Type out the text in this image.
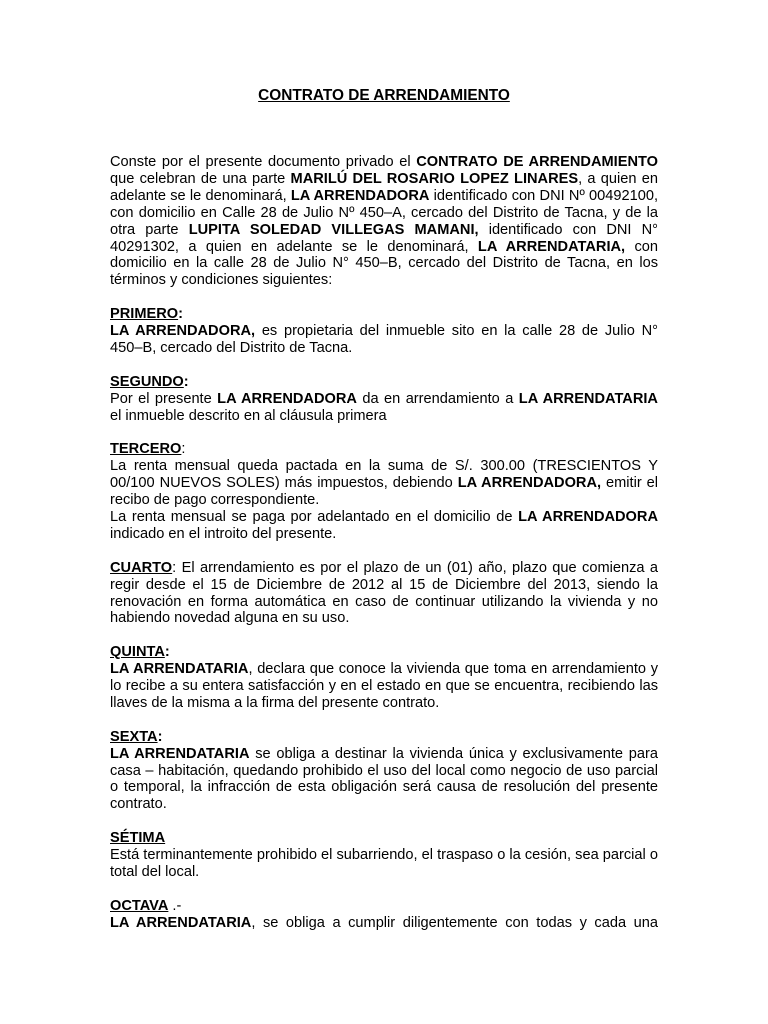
CONTRATO DE ARRENDAMIENTO

Conste por el presente documento privado el CONTRATO DE ARRENDAMIENTO que celebran de una parte MARILÚ DEL ROSARIO LOPEZ LINARES, a quien en adelante se le denominará, LA ARRENDADORA identificado con DNI Nº 00492100, con domicilio en Calle 28 de Julio Nº 450–A, cercado del Distrito de Tacna, y de la otra parte LUPITA SOLEDAD VILLEGAS MAMANI, identificado con DNI N° 40291302, a quien en adelante se le denominará, LA ARRENDATARIA, con domicilio en la calle 28 de Julio N° 450–B, cercado del Distrito de Tacna, en los términos y condiciones siguientes:

PRIMERO:

LA ARRENDADORA, es propietaria del inmueble sito en la calle 28 de Julio N° 450–B, cercado del Distrito de Tacna.

SEGUNDO:

Por el presente LA ARRENDADORA da en arrendamiento a LA ARRENDATARIA el inmueble descrito en al cláusula primera

TERCERO:

La renta mensual queda pactada en la suma de S/. 300.00 (TRESCIENTOS Y 00/100 NUEVOS SOLES) más impuestos, debiendo LA ARRENDADORA, emitir el recibo de pago correspondiente.

La renta mensual se paga por adelantado en el domicilio de LA ARRENDADORA indicado en el introito del presente.

CUARTO: El arrendamiento es por el plazo de un (01) año, plazo que comienza a regir desde el 15 de Diciembre de 2012 al 15 de Diciembre del 2013, siendo la renovación en forma automática en caso de continuar utilizando la vivienda y no habiendo novedad alguna en su uso.

QUINTA:

LA ARRENDATARIA, declara que conoce la vivienda que toma en arrendamiento y lo recibe a su entera satisfacción y en el estado en que se encuentra, recibiendo las llaves de la misma a la firma del presente contrato.

SEXTA:

LA ARRENDATARIA se obliga a destinar la vivienda única y exclusivamente para casa – habitación, quedando prohibido el uso del local como negocio de uso parcial o temporal, la infracción de esta obligación será causa de resolución del presente contrato.

SÉTIMA

Está terminantemente prohibido el subarriendo, el traspaso o la cesión, sea parcial o total del local.

OCTAVA .-

LA ARRENDATARIA, se obliga a cumplir diligentemente con todas y cada una
